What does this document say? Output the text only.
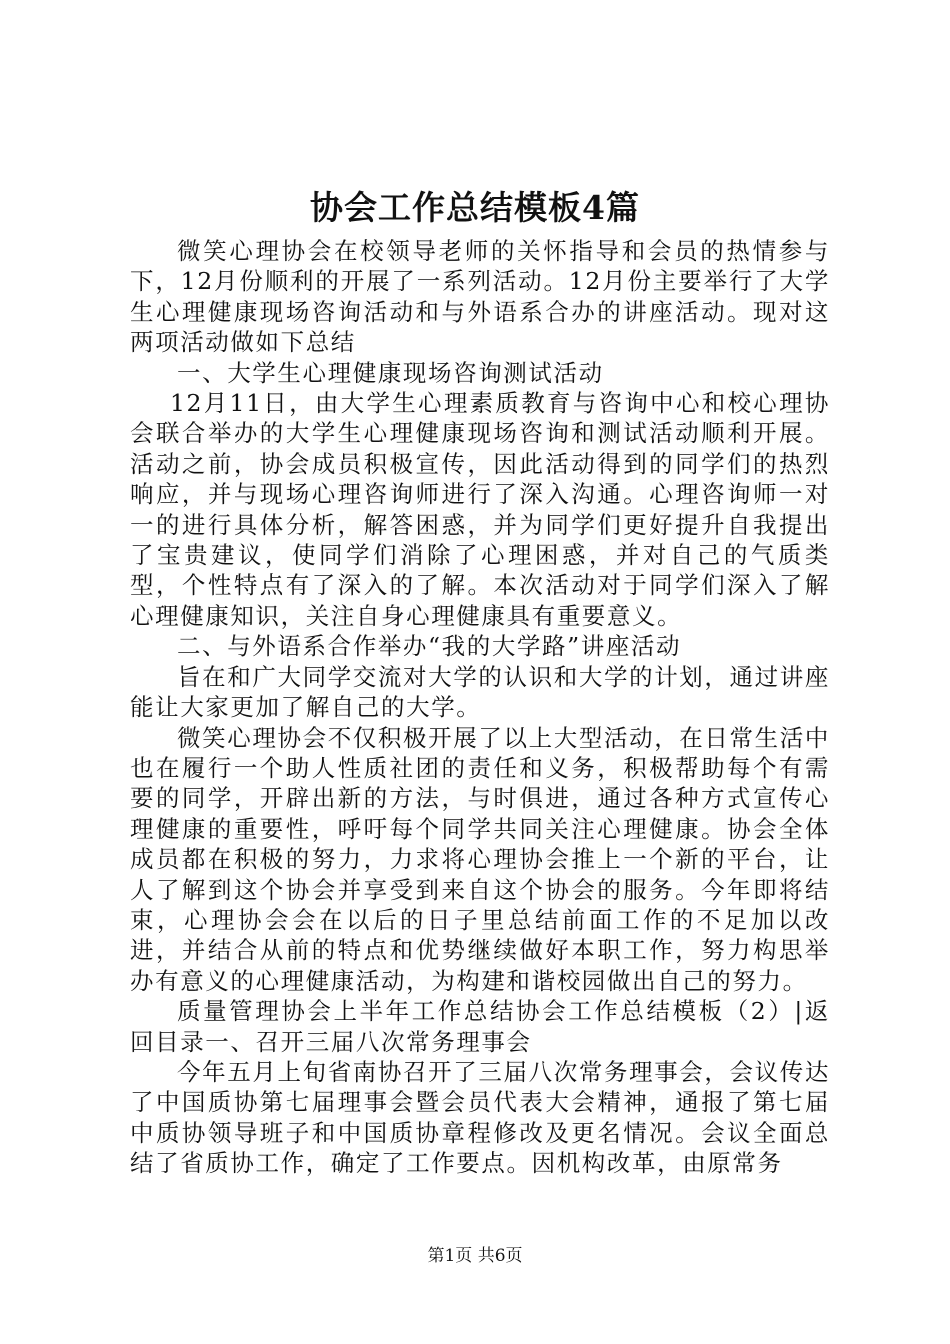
协会工作总结模板4篇

微笑心理协会在校领导老师的关怀指导和会员的热情参与下，12月份顺利的开展了一系列活动。12月份主要举行了大学生心理健康现场咨询活动和与外语系合办的讲座活动。现对这两项活动做如下总结

一、大学生心理健康现场咨询测试活动

12月11日，由大学生心理素质教育与咨询中心和校心理协会联合举办的大学生心理健康现场咨询和测试活动顺利开展。活动之前，协会成员积极宣传，因此活动得到的同学们的热烈响应，并与现场心理咨询师进行了深入沟通。心理咨询师一对一的进行具体分析，解答困惑，并为同学们更好提升自我提出了宝贵建议，使同学们消除了心理困惑，并对自己的气质类型，个性特点有了深入的了解。本次活动对于同学们深入了解心理健康知识，关注自身心理健康具有重要意义。

二、与外语系合作举办“我的大学路”讲座活动

旨在和广大同学交流对大学的认识和大学的计划，通过讲座能让大家更加了解自己的大学。

微笑心理协会不仅积极开展了以上大型活动，在日常生活中也在履行一个助人性质社团的责任和义务，积极帮助每个有需要的同学，开辟出新的方法，与时俱进，通过各种方式宣传心理健康的重要性，呼吁每个同学共同关注心理健康。协会全体成员都在积极的努力，力求将心理协会推上一个新的平台，让人了解到这个协会并享受到来自这个协会的服务。今年即将结束，心理协会会在以后的日子里总结前面工作的不足加以改进，并结合从前的特点和优势继续做好本职工作，努力构思举办有意义的心理健康活动，为构建和谐校园做出自己的努力。

质量管理协会上半年工作总结协会工作总结模板（2）|返回目录一、召开三届八次常务理事会

今年五月上旬省南协召开了三届八次常务理事会，会议传达了中国质协第七届理事会暨会员代表大会精神，通报了第七届中质协领导班子和中国质协章程修改及更名情况。会议全面总结了省质协工作，确定了工作要点。因机构改革，由原常务

第1页 共6页
